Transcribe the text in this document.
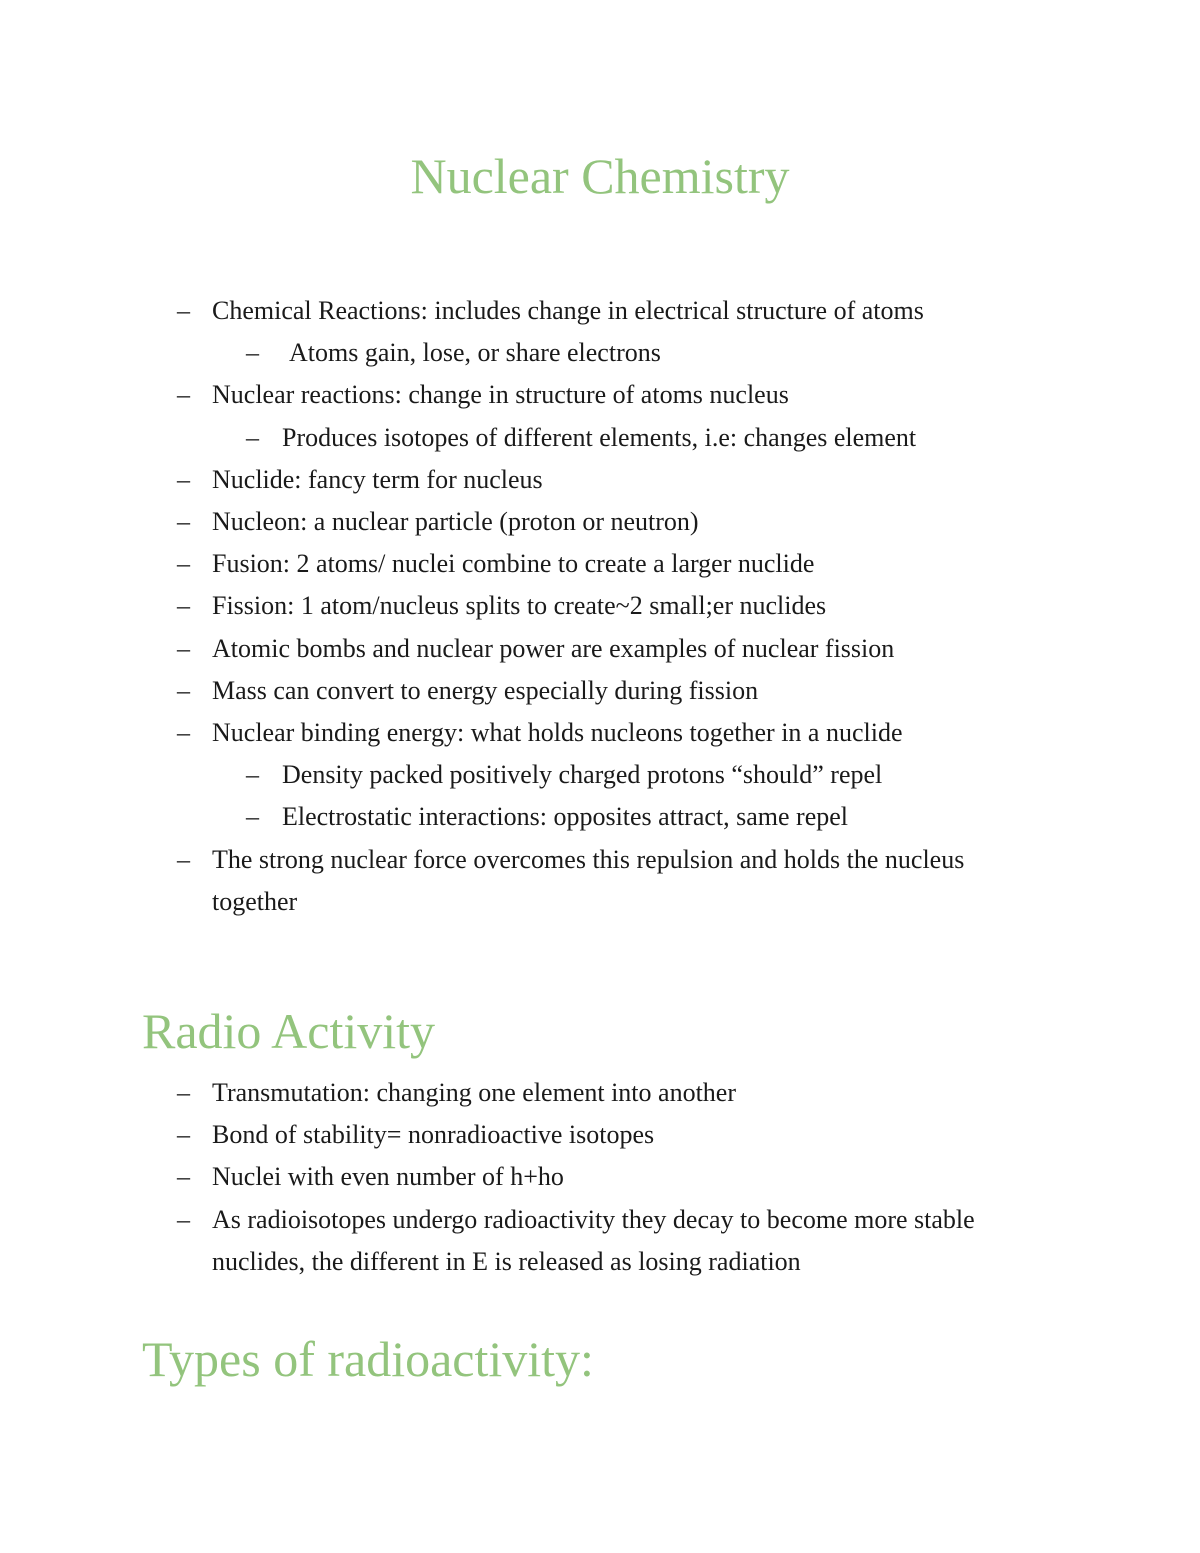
Nuclear Chemistry
– Chemical Reactions: includes change in electrical structure of atoms
– Atoms gain, lose, or share electrons
– Nuclear reactions: change in structure of atoms nucleus
– Produces isotopes of different elements, i.e: changes element
– Nuclide: fancy term for nucleus
– Nucleon: a nuclear particle (proton or neutron)
– Fusion: 2 atoms/ nuclei combine to create a larger nuclide
– Fission: 1 atom/nucleus splits to create~2 small;er nuclides
– Atomic bombs and nuclear power are examples of nuclear fission
– Mass can convert to energy especially during fission
– Nuclear binding energy: what holds nucleons together in a nuclide
– Density packed positively charged protons “should” repel
– Electrostatic interactions: opposites attract, same repel
– The strong nuclear force overcomes this repulsion and holds the nucleus together
Radio Activity
– Transmutation: changing one element into another
– Bond of stability= nonradioactive isotopes
– Nuclei with even number of h+ho
– As radioisotopes undergo radioactivity they decay to become more stable nuclides, the different in E is released as losing radiation
Types of radioactivity:
